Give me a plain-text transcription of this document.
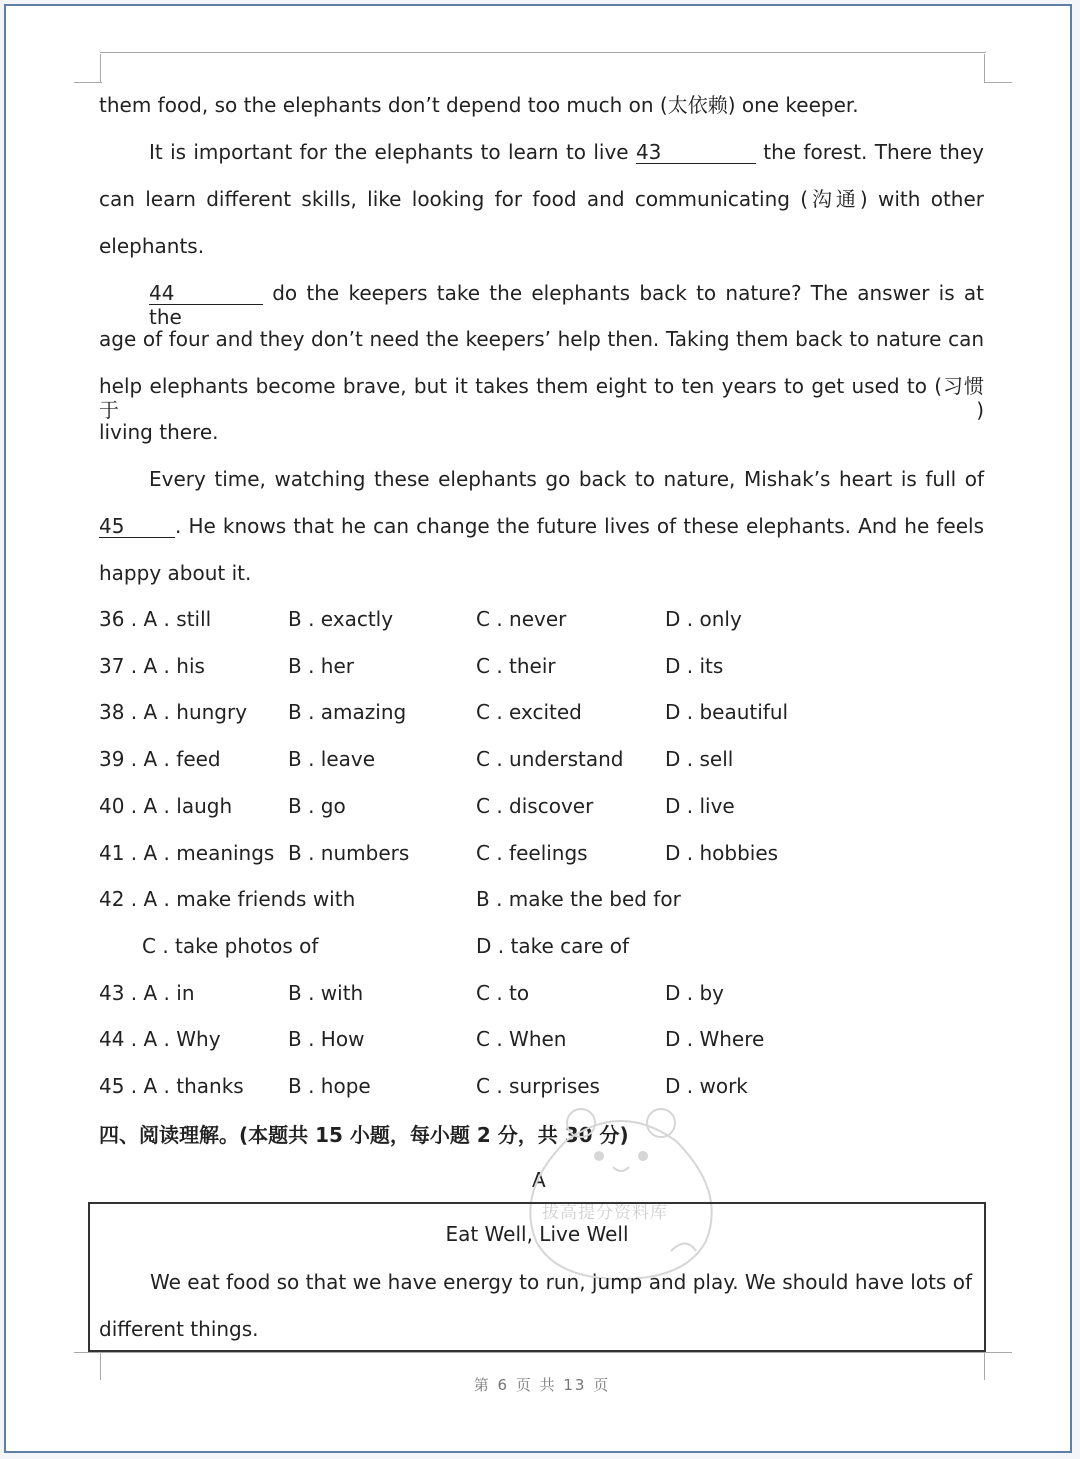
them food, so the elephants don’t depend too much on (太依赖) one keeper.
It is important for the elephants to learn to live 43	the forest. There they
can learn different skills, like looking for food and communicating (沟通) with other
elephants.
44	do the keepers take the elephants back to nature? The answer is at the
age of four and they don’t need the keepers’ help then. Taking them back to nature can
help elephants become brave, but it takes them eight to ten years to get used to (习惯于)
living there.
Every time, watching these elephants go back to nature, Mishak’s heart is full of
45	. He knows that he can change the future lives of these elephants. And he feels
happy about it.
36 . A . still	B . exactly	C . never	D . only
37 . A . his	B . her	C . their	D . its
38 . A . hungry B . amazing	C . excited	D . beautiful
39 . A . feed	B . leave	C . understand D . sell
40 . A . laugh	B . go	C . discover	D . live
41 . A . meanings B . numbers	C . feelings	D . hobbies
42 . A . make friends with	B . make the bed for
C . take photos of	D . take care of
43 . A . in	B . with	C . to	D . by
44 . A . Why	B . How	C . When	D . Where
45 . A . thanks B . hope	C . surprises	D . work
四、阅读理解。(本题共 15 小题，每小题 2 分，共 30 分)
A
拔高提分资料库
Eat Well, Live Well
We eat food so that we have energy to run, jump and play. We should have lots of
different things.
第 6 页 共 13 页
